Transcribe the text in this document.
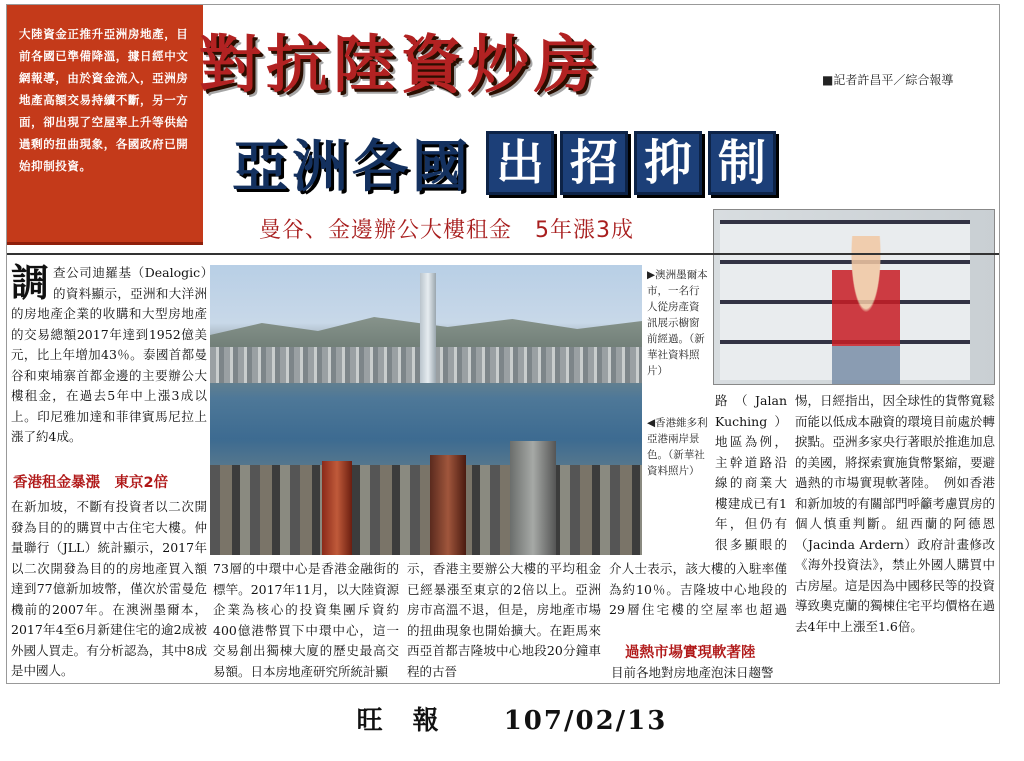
大陸資金正推升亞洲房地產，目前各國已準備降溫，據日經中文網報導，由於資金流入，亞洲房地產高額交易持續不斷，另一方面，卻出現了空屋率上升等供給過剩的扭曲現象，各國政府已開始抑制投資。
對抗陸資炒房	■記者許昌平／綜合報導
亞洲各國 出 招 抑 制
曼谷、金邊辦公大樓租金　5年漲3成
▶澳洲墨爾本市，一名行人從房產資訊展示櫥窗前經過。（新華社資料照片）
◀香港維多利亞港兩岸景色。（新華社資料照片）
調查公司迪羅基（Dealogic）的資料顯示，亞洲和大洋洲的房地產企業的收購和大型房地產的交易總額2017年達到1952億美元，比上年增加43％。泰國首都曼谷和柬埔寨首都金邊的主要辦公大樓租金，在過去5年中上漲3成以上。印尼雅加達和菲律賓馬尼拉上漲了約4成。
香港租金暴漲　東京2倍
在新加坡，不斷有投資者以二次開發為目的的購買中古住宅大樓。仲量聯行（JLL）統計顯示，2017年以二次開發為目的的房地產買入額達到77億新加坡幣，僅次於雷曼危機前的2007年。在澳洲墨爾本，2017年4至6月新建住宅的逾2成被外國人買走。有分析認為，其中8成是中國人。
73層的中環中心是香港金融街的標竿。2017年11月，以大陸資源企業為核心的投資集團斥資約400億港幣買下中環中心，這一交易創出獨棟大廈的歷史最高交易額。日本房地產研究所統計顯
示，香港主要辦公大樓的平均租金已經暴漲至東京的2倍以上。亞洲房市高溫不退，但是，房地產市場的扭曲現象也開始擴大。在距馬來西亞首都吉隆坡中心地段20分鐘車程的古晉
路（Jalan Kuching）地區為例，主幹道路沿線的商業大樓建成已有1年，但仍有很多顯眼的
介人士表示，該大樓的入駐率僅為約10％。吉隆坡中心地段的29層住宅樓的空屋率也超過
過熱市場實現軟著陸
目前各地對房地產泡沫日趨警
惕，日經指出，因全球性的貨幣寬鬆而能以低成本融資的環境目前處於轉捩點。亞洲多家央行著眼於推進加息的美國，將探索實施貨幣緊縮，要避過熱的市場實現軟著陸。　例如香港和新加坡的有關部門呼籲考慮買房的個人慎重判斷。紐西蘭的阿德恩（Jacinda Ardern）政府計畫修改《海外投資法》，禁止外國人購買中古房屋。這是因為中國移民等的投資導致奧克蘭的獨棟住宅平均價格在過去4年中上漲至1.6倍。
旺　報 107/02/13
